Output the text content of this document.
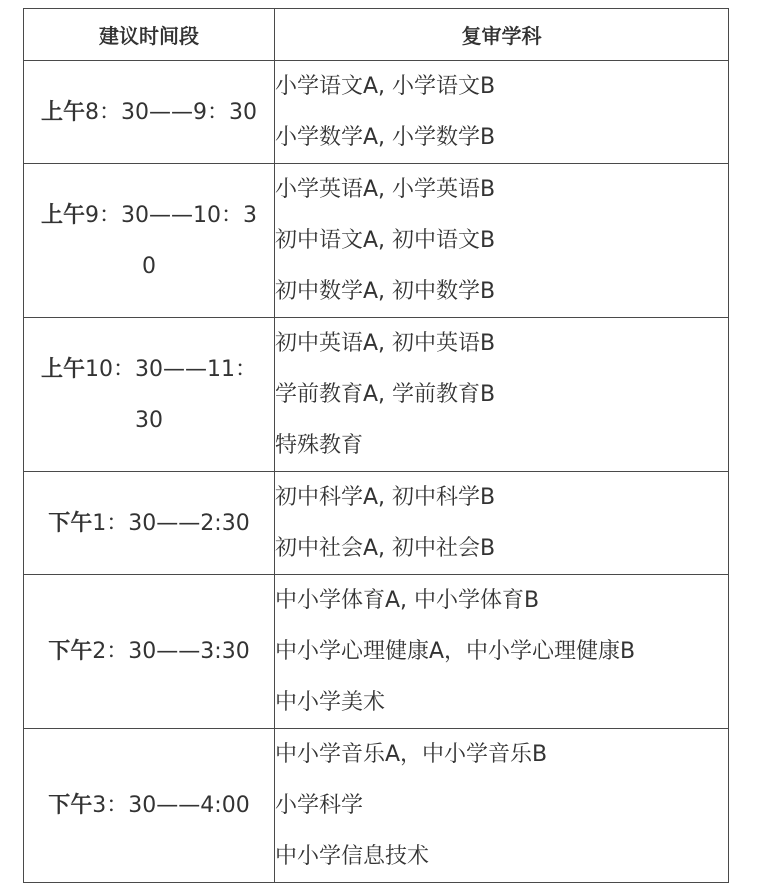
建议时间段	复审学科
上午8：30——9：30	小学语文A, 小学语文B
小学数学A, 小学数学B

上午9：30——10：30	小学英语A, 小学英语B
初中语文A, 初中语文B
初中数学A, 初中数学B

上午10：30——11：30	初中英语A, 初中英语B
学前教育A, 学前教育B
特殊教育

下午1：30——2:30	初中科学A, 初中科学B
初中社会A, 初中社会B

下午2：30——3:30	中小学体育A, 中小学体育B
中小学心理健康A，中小学心理健康B
中小学美术

下午3：30——4:00	中小学音乐A，中小学音乐B
小学科学
中小学信息技术
